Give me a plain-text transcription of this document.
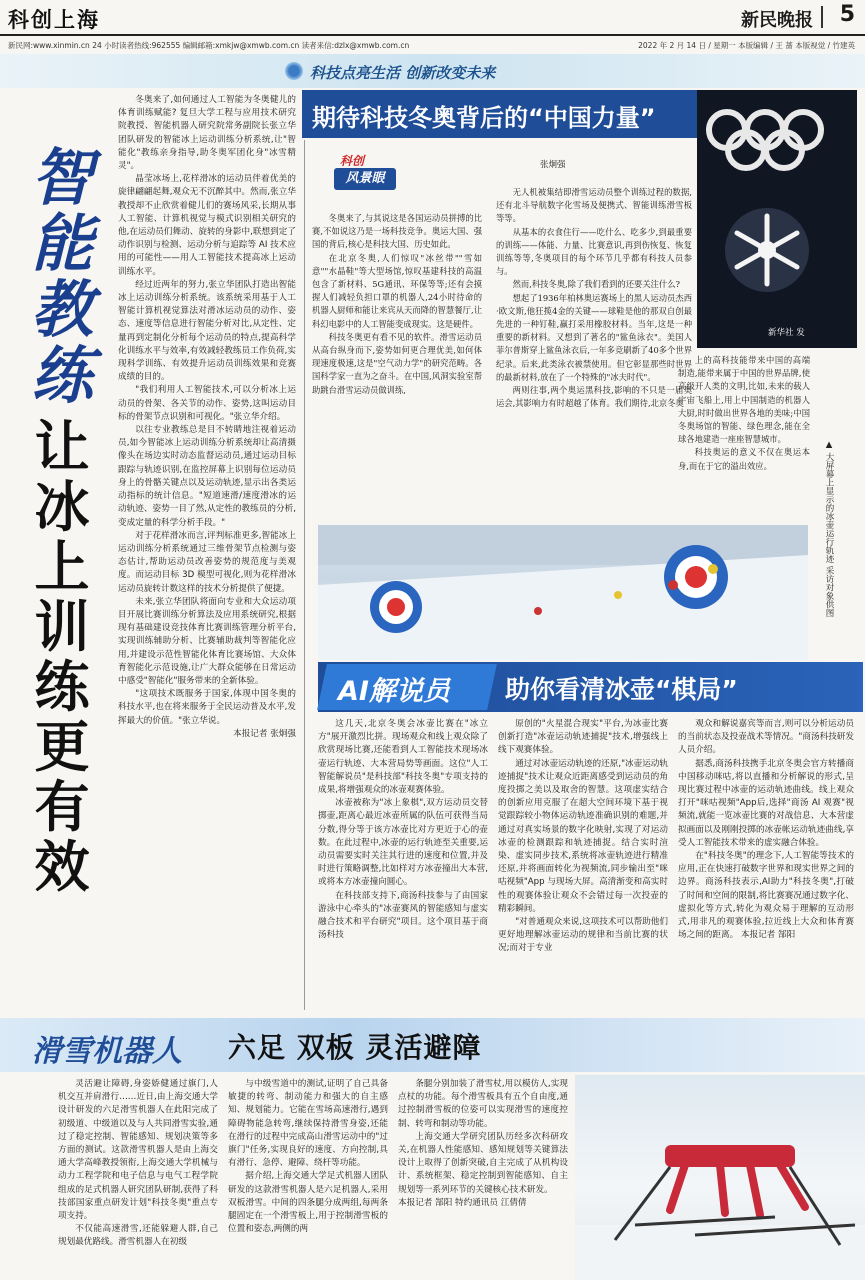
科创上海	新民晚报 5
新民网:www.xinmin.cn 24 小时读者热线:962555 编辑邮箱:xmkjw@xmwb.com.cn 读者来信:dzlx@xmwb.com.cn	2022 年 2 月 14 日 / 星期一 本版编辑 / 王 蔷 本版视觉 / 竹建英
科技点亮生活 创新改变未来
智
能
教
练
让
冰
上
训
练
更
有
效

冬奥来了,如何通过人工智能为冬奥健儿的体育训练赋能? 复旦大学工程与应用技术研究院教授、智能机器人研究院常务副院长张立华团队研发的智能冰上运动训练分析系统,让"智能化"教练亲身指导,助冬奥军团化身"冰雪精灵"。

晶莹冰场上,花样滑冰的运动员伴着优美的旋律翩翩起舞,观众无不沉醉其中。然而,张立华教授却不止欣赏着健儿们的赛场风采,长期从事人工智能、计算机视觉与模式识别相关研究的他,在运动员们舞动、旋转的身影中,联想到定了动作识别与检测、运动分析与追踪等 AI 技术应用的可能性——用人工智能技术提高冰上运动训练水平。

经过近两年的努力,张立华团队打造出智能冰上运动训练分析系统。该系统采用基于人工智能计算机视觉算法对滑冰运动员的动作、姿态、速度等信息进行智能分析对比,从定性、定量再到定制化分析每个运动员的特点,提高科学化训练水平与效率,有效减轻教练员工作负荷,实现科学训练、有效提升运动员训练效果和竞赛成绩的目的。

"我们利用人工智能技术,可以分析冰上运动员的骨架、各关节的动作、姿势,这叫运动目标的骨架节点识别和可视化。"张立华介绍。

以往专业教练总是目不转睛地注视着运动员,如今智能冰上运动训练分析系统却让高清摄像头在场边实时动态监督运动员,通过运动目标跟踪与轨迹识别,在监控屏幕上识别每位运动员身上的骨骼关键点以及运动轨迹,显示出各类运动指标的统计信息。"短道速滑/速度滑冰的运动轨迹、姿势一目了然,从定性的教练员的分析,变成定量的科学分析手段。"

对于花样滑冰而言,评判标准更多,智能冰上运动训练分析系统通过三维骨架节点检测与姿态估计,帮助运动员改善姿势的规范度与美观度。而运动目标 3D 模型可视化,则为花样滑冰运动员旋转计数这样的技术分析提供了便捷。

未来,张立华团队将面向专业和大众运动项目开展比赛训练分析算法及应用系统研究,根据现有基础建设竞技体育比赛训练管理分析平台,实现训练辅助分析、比赛辅助裁判等智能化应用,并建设示范性智能化体育比赛场馆、大众体育智能化示范设施,让广大群众能够在日常运动中感受"智能化"服务带来的全新体验。

"这项技术既服务于国家,体现中国冬奥的科技水平,也在将来服务于全民运动普及水平,发挥最大的价值。"张立华说。

本报记者 张炯强

期待科技冬奥背后的“中国力量”
新华社 发
科创
风景眼
张炯强

冬奥来了,与其说这是各国运动员拼搏的比赛,不如说这乃是一场科技竞争。奥运大国、强国的背后,核心是科技大国、历史如此。

在北京冬奥,人们惊叹"冰丝带""雪如意""水晶鞋"等大型场馆,惊叹基建科技的高温包含了新材料、5G通讯、环保等等;还有会摸握人们减轻负担口罩的机器人,24小时待命的机器人厨师和能让来宾从天而降的智慧餐厅,让科幻电影中的人工智能变成现实。这是硬件。

科技冬奥更有看不见的软件。滑雪运动员从高台纵身而下,姿势如何更合理优美,如何体现速度极速,这是"空气动力学"的研究范畴。各国科学家一直为之奋斗。在中国,风洞实验室帮助跳台滑雪运动员做训练,

无人机被集结即滑雪运动员整个训练过程的数据,还有北斗导航数字化雪场及便携式、智能训练滑雪板等等。

从基本的衣食住行——吃什么、吃多少,到最重要的训练——体能、力量、比赛意识,再到伤恢复、恢复训练等等,冬奥项目的每个环节几乎都有科技人员参与。

然而,科技冬奥,除了我们看到的还要关注什么?

想起了1936年柏林奥运赛场上的黑人运动员杰西·欧文斯,他狂揽4金的关键——球鞋是他的那双自创最先进的一种钉鞋,赢打采用橡胶材料。当年,这是一种重要的新材料。又想到了著名的"鲨鱼泳衣"。美国人菲尔普斯穿上鲨鱼泳衣后,一年多竞刷新了40多个世界纪录。后来,此类泳衣被禁使用。但它彰显那些时世界的最新材料,放在了一个特殊的"冰夫时代"。

两则往事,两个奥运黑科技,影响的不只是一届奥运会,其影响力有时超越了体育。我们期待,北京冬奥

上的高科技能带来中国的高端制造,能带来属于中国的世界品牌,使高级开人类的文明,比如,未来的载人宇宙飞船上,用上中国制造的机器人大厨,时时做出世界各地的美味;中国冬奥场馆的智能、绿色理念,能在全球各地建造一座座智慧城市。

科技奥运的意义不仅在奥运本身,而在于它的溢出效应。	▲ 大屏幕上显示的冰壶运行轨迹 采访对象供图
AI解说员 助你看清冰壶“棋局”

这几天,北京冬奥会冰壶比赛在"冰立方"展开激烈比拼。现场观众和线上观众除了欣赏现场比赛,还能看到人工智能技术现场冰壶运行轨迹、大本营局势等画面。这位"人工智能解说员"是科技部"科技冬奥"专项支持的成果,将增强观众的冰壶观赛体验。

冰壶被称为"冰上象棋",双方运动员交替掷壶,距离心最近冰壶所属的队伍可获得当局分数,得分等于该方冰壶比对方更近于心的壶数。在此过程中,冰壶的运行轨迹至关重要,运动员需要实时关注其行进的速度和位置,并及时进行策略调整,比如样对方冰壶撞出大本营,或将本方冰壶撞向圆心。

在科技部支持下,商汤科技参与了由国家游泳中心牵头的"冰壶赛风的智能感知与虚实融合技术和平台研究"项目。这个项目基于商汤科技

原创的"火星混合现实"平台,为冰壶比赛创新打造"冰壶运动轨迹捕捉"技术,增强线上线下观赛体验。

通过对冰壶运动轨迹的还原,"冰壶运动轨迹捕捉"技术让观众近距离感受到运动员的角度投掷之美以及取舍的智慧。这项虚实结合的创新应用克服了在超大空间环境下基于视觉跟踪较小物体运动轨迹准确识别的难题,并通过对真实场景的数字化映射,实现了对运动冰壶的检测跟踪和轨迹捕捉。结合实时渲染、虚实同步技术,系统将冰壶轨迹进行精准还原,并将画面转化为视频流,同步输出至"咪咕视频"App 与现场大屏。高清渐变和高实时性的观赛体验让观众不会错过每一次投壶的精彩瞬间。

"对普通观众来说,这项技术可以帮助他们更好地理解冰壶运动的规律和当前比赛的状况;而对于专业

观众和解说嘉宾等而言,则可以分析运动员的当前状态及投壶战术等情况。"商汤科技研发人员介绍。

据悉,商汤科技携手北京冬奥会官方转播商中国移动咪咕,将以直播和分析解说的形式,呈现比赛过程中冰壶的运动轨迹曲线。线上观众打开"咪咕视频"App后,选择"商汤 AI 观赛"视频流,就能一览冰壶比赛的对战信息、大本营虚拟画面以及刚刚投掷的冰壶帐运动轨迹曲线,享受人工智能技术带来的虚实融合体验。

在"科技冬奥"的理念下,人工智能等技术的应用,正在快速打破数字世界和现实世界之间的边界。商汤科技表示,AI助力"科技冬奥",打破了时间和空间的限制,将比赛赛况通过数字化、虚拟化等方式,转化为观众易于理解的互动形式,用非凡的观赛体验,拉近线上大众和体育赛场之间的距离。 本报记者 郜阳

滑雪机器人 六足 双板 灵活避障

灵活避让障碍,身姿娇健通过旗门,人机交互并肩滑行……近日,由上海交通大学设计研发的六足滑雪机器人在此阳完成了初级道、中级道以及与人共同滑雪实验,通过了稳定控制、智能感知、规划决策等多方面的测试。这款滑雪机器人是由上海交通大学高峰教授领衔,上海交通大学机械与动力工程学院和电子信息与电气工程学院组成的足式机器人研究团队研制,获得了科技部国家重点研发计划"科技冬奥"重点专项支持。

不仅能高速滑雪,还能躲避人群,自己规划最优路线。滑雪机器人在初级

与中级雪道中的测试,证明了自己具备敏捷的转弯、制动能力和强大的自主感知、规划能力。它能在雪场高速滑行,遇到障碍物能急转弯,继续保持滑雪身姿,还能在滑行的过程中完成高山滑雪运动中的"过旗门"任务,实现良好的速度、方向控制,具有滑行、急停、避障、绕杆等功能。

据介绍,上海交通大学足式机器人团队研发的这款滑雪机器人是六足机器人,采用双板滑雪。中间的四条腿分成两组,每两条腿固定在一个滑雪板上,用于控制滑雪板的位置和姿态,两侧的两

条腿分别加装了滑雪杖,用以模仿人,实现点杖的功能。每个滑雪板具有五个自由度,通过控制滑雪板的位姿可以实现滑雪的速度控制、转弯和制动等功能。

上海交通大学研究团队历经多次科研攻关,在机器人性能感知、感知规划等关键算法设计上取得了创新突破,自主完成了从机构设计、系统框架、稳定控制到智能感知、自主规划等一系列环节的关键核心技术研发。

本报记者 郜阳 特约通讯员 江倩倩
